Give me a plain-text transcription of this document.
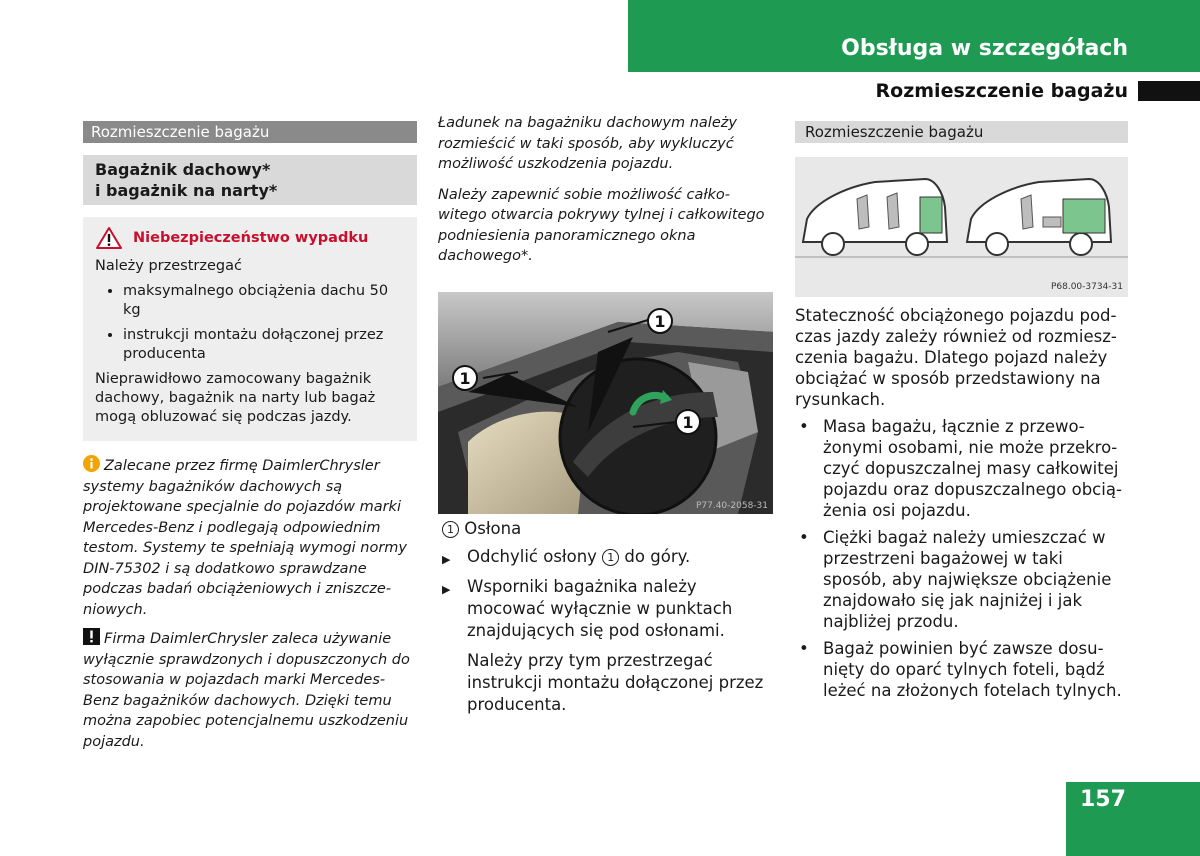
Obsługa w szczegółach
Rozmieszczenie bagażu
Rozmieszczenie bagażu
Bagażnik dachowy*
i bagażnik na narty*
Niebezpieczeństwo wypadku

Należy przestrzegać

• maksymalnego obciążenia dachu 50 kg
• instrukcji montażu dołączonej przez producenta

Nieprawidłowo zamocowany bagażnik dachowy, bagażnik na narty lub bagaż mogą obluzować się podczas jazdy.

Zalecane przez firmę DaimlerChrysler systemy bagażników dachowych są projektowane specjalnie do pojazdów marki Mercedes-Benz i podlegają odpowiednim testom. Systemy te spełniają wymogi normy DIN-75302 i są dodatkowo sprawdzane podczas badań obciążeniowych i zniszczeniowych.
Firma DaimlerChrysler zaleca używanie wyłącznie sprawdzonych i dopuszczonych do stosowania w pojazdach marki Mercedes-Benz bagażników dachowych. Dzięki temu można zapobiec potencjalnemu uszkodzeniu pojazdu.

Ładunek na bagażniku dachowym należy rozmieścić w taki sposób, aby wykluczyć możliwość uszkodzenia pojazdu.

Należy zapewnić sobie możliwość całkowitego otwarcia pokrywy tylnej i całkowitego podniesienia panoramicznego okna dachowego*.

1
1
1
P77.40-2058-31
1 Osłona
▶ Odchylić osłony 1 do góry.
▶ Wsporniki bagażnika należy mocować wyłącznie w punktach znajdujących się pod osłonami.

Należy przy tym przestrzegać instrukcji montażu dołączonej przez producenta.

Rozmieszczenie bagażu
P68.00-3734-31

Stateczność obciążonego pojazdu podczas jazdy zależy również od rozmieszczenia bagażu. Dlatego pojazd należy obciążać w sposób przedstawiony na rysunkach.

• Masa bagażu, łącznie z przewożonymi osobami, nie może przekroczyć dopuszczalnej masy całkowitej pojazdu oraz dopuszczalnego obciążenia osi pojazdu.
• Ciężki bagaż należy umieszczać w przestrzeni bagażowej w taki sposób, aby największe obciążenie znajdowało się jak najniżej i jak najbliżej przodu.
• Bagaż powinien być zawsze dosunięty do oparć tylnych foteli, bądź leżeć na złożonych fotelach tylnych.
157
